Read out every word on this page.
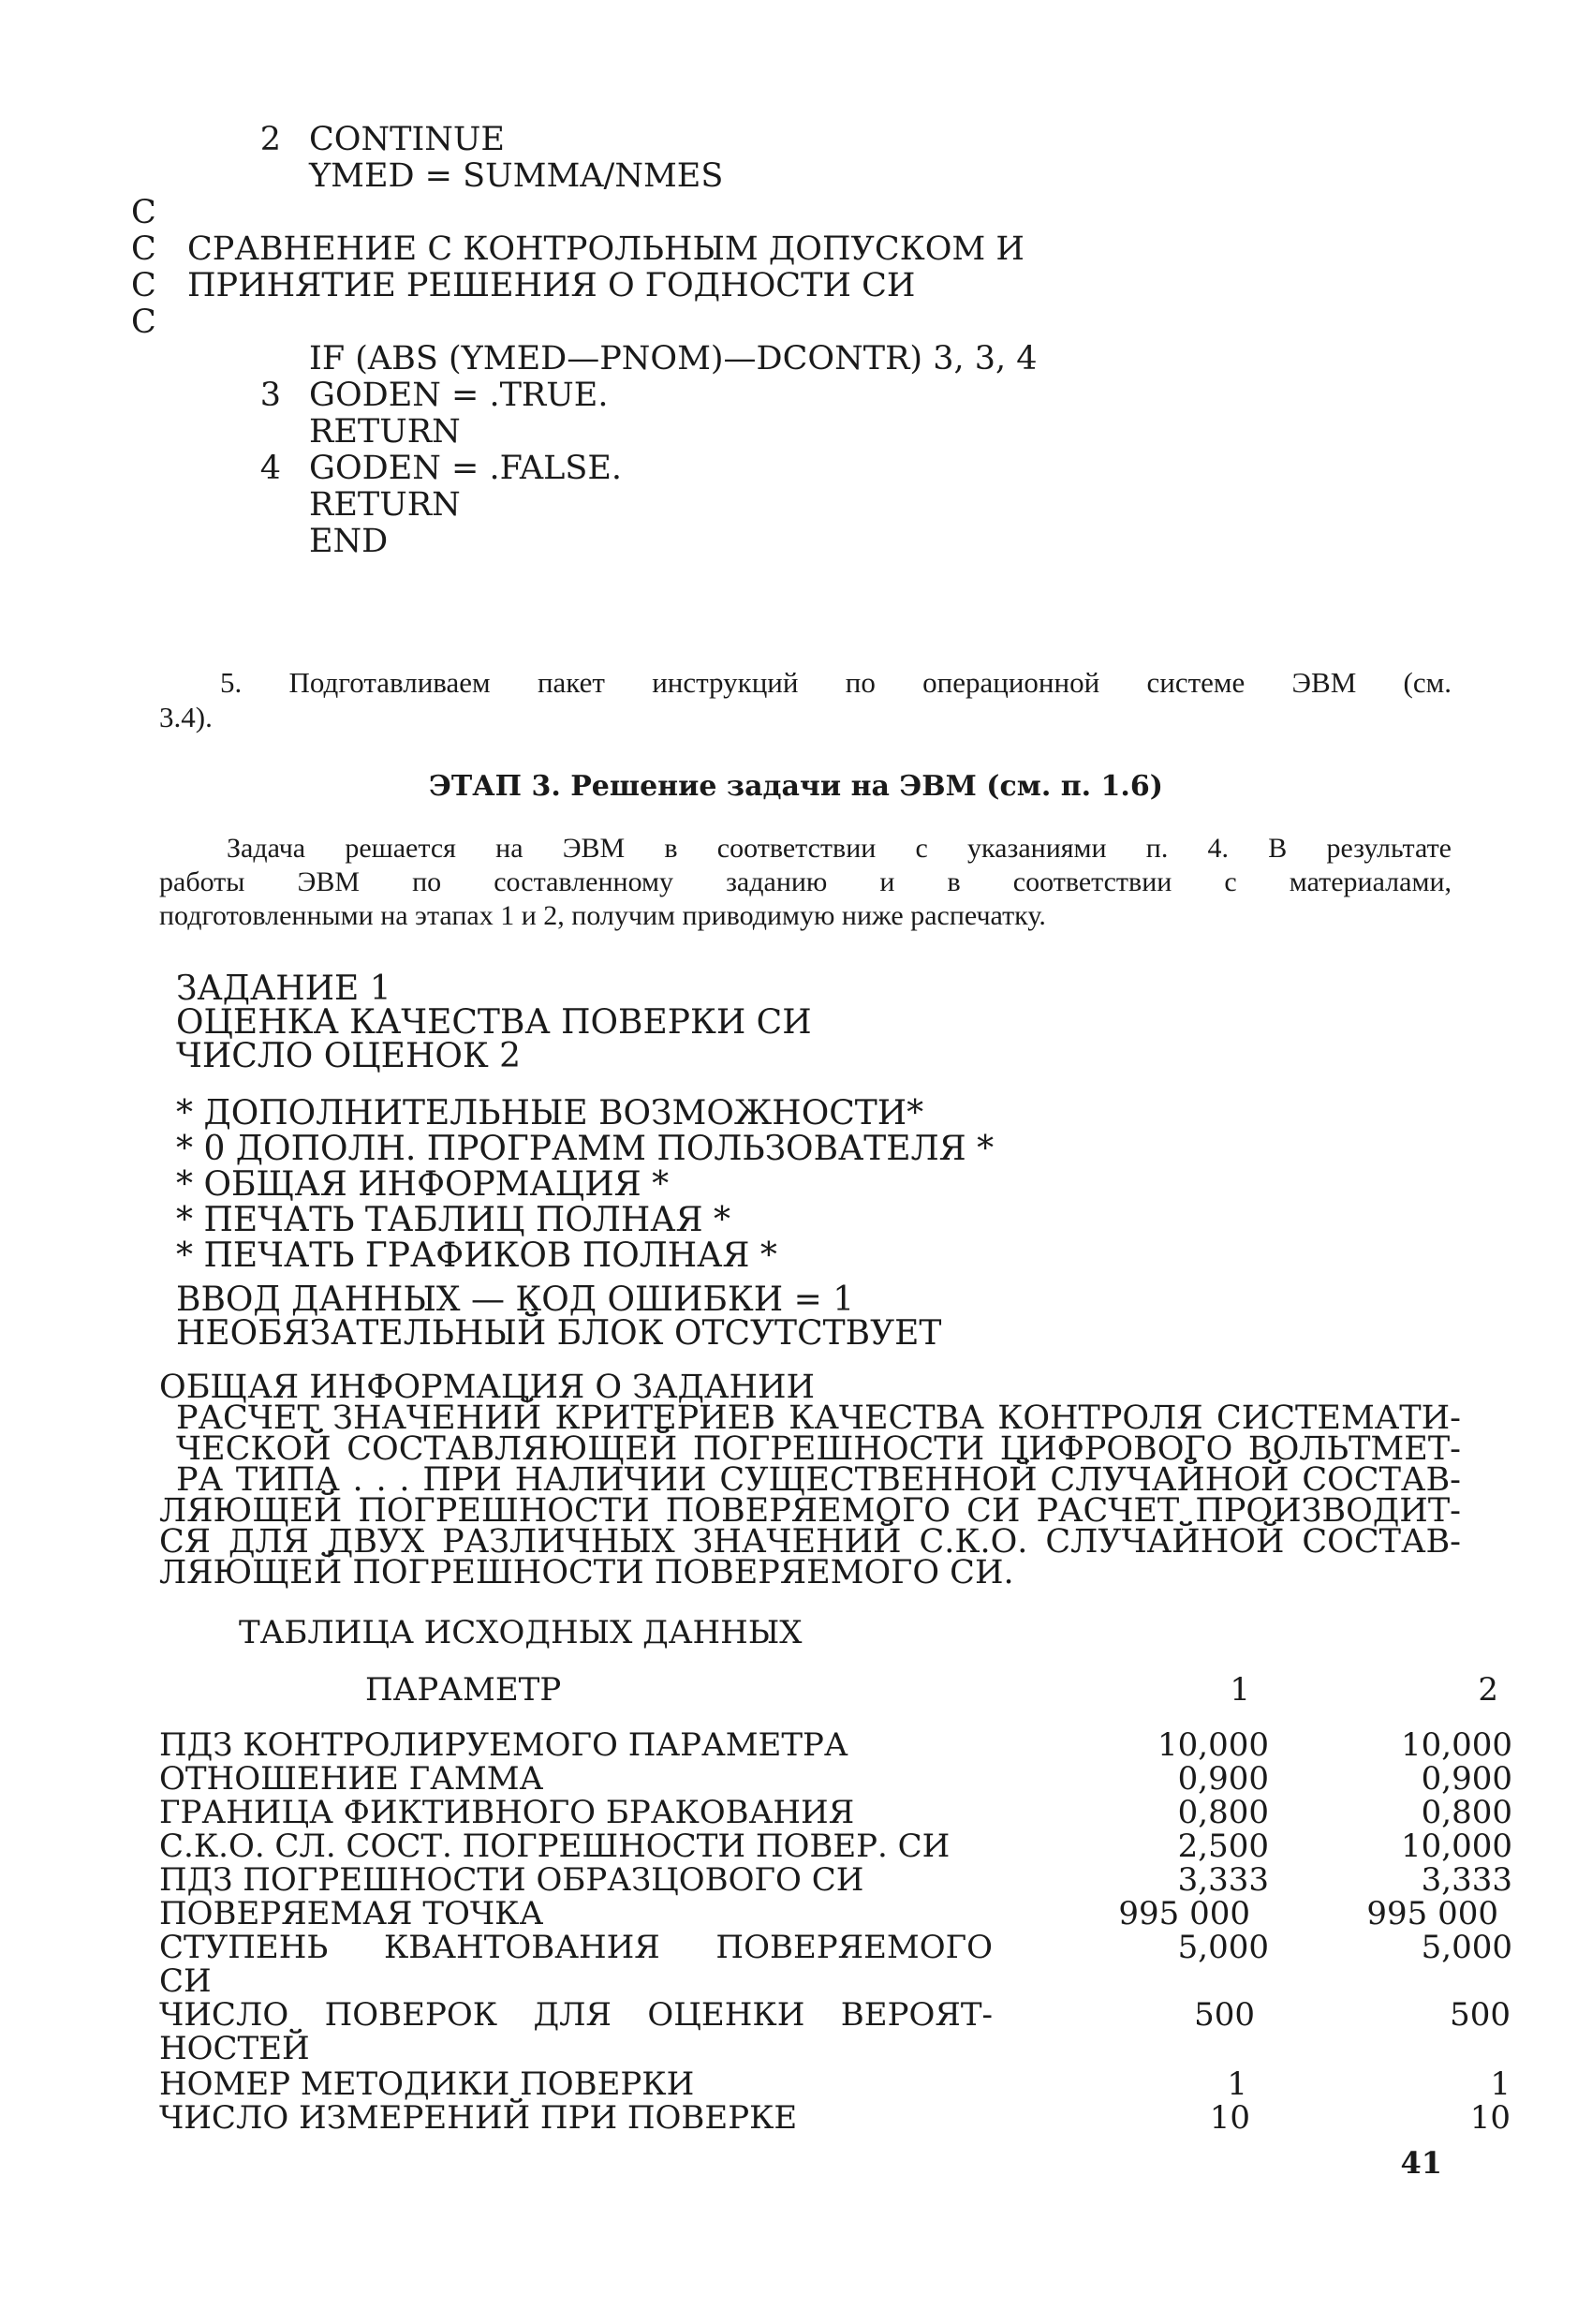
2 CONTINUE
YMED = SUMMA/NMES
C
C СРАВНЕНИЕ С КОНТРОЛЬНЫМ ДОПУСКОМ И
C ПРИНЯТИЕ РЕШЕНИЯ О ГОДНОСТИ СИ
C
IF (ABS (YMED—PNOM)—DCONTR) 3, 3, 4
3 GODEN = .TRUE.
RETURN
4 GODEN = .FALSE.
RETURN
END
5. Подготавливаем пакет инструкций по операционной системе ЭВМ (см.
3.4).
ЭТАП 3. Решение задачи на ЭВМ (см. п. 1.6)
Задача решается на ЭВМ в соответствии с указаниями п. 4. В результате
работы ЭВМ по составленному заданию и в соответствии с материалами,
подготовленными на этапах 1 и 2, получим приводимую ниже распечатку.
ЗАДАНИЕ 1
ОЦЕНКА КАЧЕСТВА ПОВЕРКИ СИ
ЧИСЛО ОЦЕНОК 2
* ДОПОЛНИТЕЛЬНЫЕ ВОЗМОЖНОСТИ*
* 0 ДОПОЛН. ПРОГРАММ ПОЛЬЗОВАТЕЛЯ *
* ОБЩАЯ ИНФОРМАЦИЯ *
* ПЕЧАТЬ ТАБЛИЦ ПОЛНАЯ *
* ПЕЧАТЬ ГРАФИКОВ ПОЛНАЯ *
ВВОД ДАННЫХ — КОД ОШИБКИ = 1
НЕОБЯЗАТЕЛЬНЫЙ БЛОК ОТСУТСТВУЕТ
ОБЩАЯ ИНФОРМАЦИЯ О ЗАДАНИИ
РАСЧЕТ ЗНАЧЕНИЙ КРИТЕРИЕВ КАЧЕСТВА КОНТРОЛЯ СИСТЕМАТИ-
ЧЕСКОЙ СОСТАВЛЯЮЩЕЙ ПОГРЕШНОСТИ ЦИФРОВОГО ВОЛЬТМЕТ-
РА ТИПА . . . ПРИ НАЛИЧИИ СУЩЕСТВЕННОЙ СЛУЧАЙНОЙ СОСТАВ-
ЛЯЮЩЕЙ ПОГРЕШНОСТИ ПОВЕРЯЕМОГО СИ РАСЧЕТ ПРОИЗВОДИТ-
СЯ ДЛЯ ДВУХ РАЗЛИЧНЫХ ЗНАЧЕНИЙ С.К.О. СЛУЧАЙНОЙ СОСТАВ-
ЛЯЮЩЕЙ ПОГРЕШНОСТИ ПОВЕРЯЕМОГО СИ.
ТАБЛИЦА ИСХОДНЫХ ДАННЫХ
ПАРАМЕТР	1	2
ПДЗ КОНТРОЛИРУЕМОГО ПАРАМЕТРА	10,000	10,000
ОТНОШЕНИЕ ГАММА	0,900	0,900
ГРАНИЦА ФИКТИВНОГО БРАКОВАНИЯ	0,800	0,800
С.К.О. СЛ. СОСТ. ПОГРЕШНОСТИ ПОВЕР. СИ	2,500	10,000
ПДЗ ПОГРЕШНОСТИ ОБРАЗЦОВОГО СИ	3,333	3,333
ПОВЕРЯЕМАЯ ТОЧКА	995 000	995 000
СТУПЕНЬ КВАНТОВАНИЯ ПОВЕРЯЕМОГО	5,000	5,000
СИ
ЧИСЛО ПОВЕРОК ДЛЯ ОЦЕНКИ ВЕРОЯТ-	500	500
НОСТЕЙ
НОМЕР МЕТОДИКИ ПОВЕРКИ	1	1
ЧИСЛО ИЗМЕРЕНИЙ ПРИ ПОВЕРКЕ	10	10
41
